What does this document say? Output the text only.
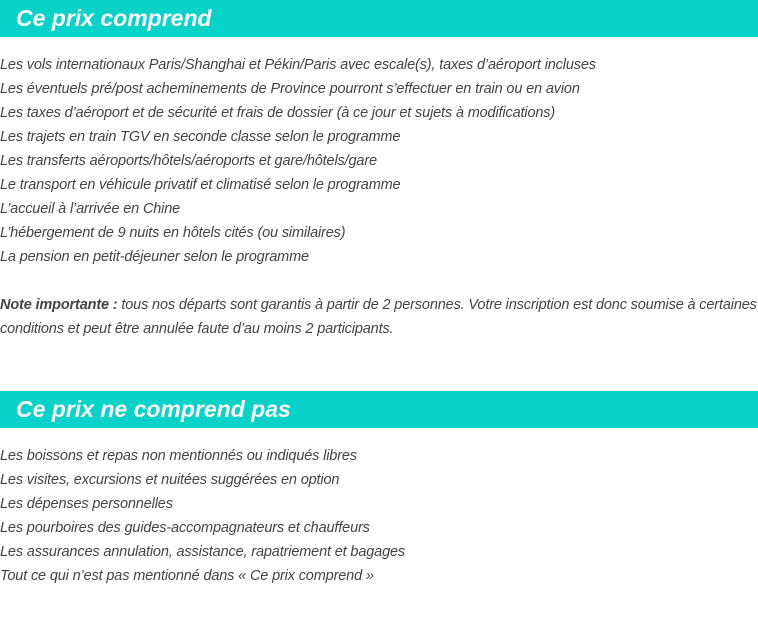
Ce prix comprend
Les vols internationaux Paris/Shanghai et Pékin/Paris avec escale(s), taxes d’aéroport incluses
Les éventuels pré/post acheminements de Province pourront s’effectuer en train ou en avion
Les taxes d’aéroport et de sécurité et frais de dossier (à ce jour et sujets à modifications)
Les trajets en train TGV en seconde classe selon le programme
Les transferts aéroports/hôtels/aéroports et gare/hôtels/gare
Le transport en véhicule privatif et climatisé selon le programme
L’accueil à l’arrivée en Chine
L’hébergement de 9 nuits en hôtels cités (ou similaires)
La pension en petit-déjeuner selon le programme
Note importante : tous nos départs sont garantis à partir de 2 personnes. Votre inscription est donc soumise à certaines
conditions et peut être annulée faute d’au moins 2 participants.
Ce prix ne comprend pas
Les boissons et repas non mentionnés ou indiqués libres
Les visites, excursions et nuitées suggérées en option
Les dépenses personnelles
Les pourboires des guides-accompagnateurs et chauffeurs
Les assurances annulation, assistance, rapatriement et bagages
Tout ce qui n’est pas mentionné dans « Ce prix comprend »
